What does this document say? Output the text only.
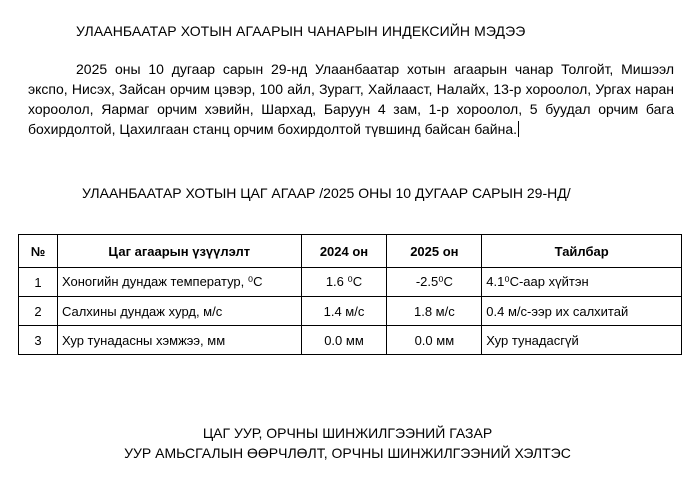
УЛААНБААТАР ХОТЫН АГААРЫН ЧАНАРЫН ИНДЕКСИЙН МЭДЭЭ

2025 оны 10 дугаар сарын 29-нд Улаанбаатар хотын агаарын чанар Толгойт, Мишээл экспо, Нисэх, Зайсан орчим цэвэр, 100 айл, Зурагт, Хайлааст, Налайх, 13-р хороолол, Ургах наран хороолол, Яармаг орчим хэвийн, Шархад, Баруун 4 зам, 1-р хороолол, 5 буудал орчим бага бохирдолтой, Цахилгаан станц орчим бохирдолтой түвшинд байсан байна.

УЛААНБААТАР ХОТЫН ЦАГ АГААР /2025 ОНЫ 10 ДУГААР САРЫН 29-НД/
№	Цаг агаарын үзүүлэлт	2024 он	2025 он	Тайлбар
1	Хоногийн дундаж температур, ⁰С	1.6 ⁰С	-2.5⁰С	4.1⁰С-аар хүйтэн
2	Салхины дундаж хурд, м/с	1.4 м/с	1.8 м/с	0.4 м/с-ээр их салхитай
3	Хур тунадасны хэмжээ, мм	0.0 мм	0.0 мм	Хур тунадасгүй
ЦАГ УУР, ОРЧНЫ ШИНЖИЛГЭЭНИЙ ГАЗАР
УУР АМЬСГАЛЫН ӨӨРЧЛӨЛТ, ОРЧНЫ ШИНЖИЛГЭЭНИЙ ХЭЛТЭС
